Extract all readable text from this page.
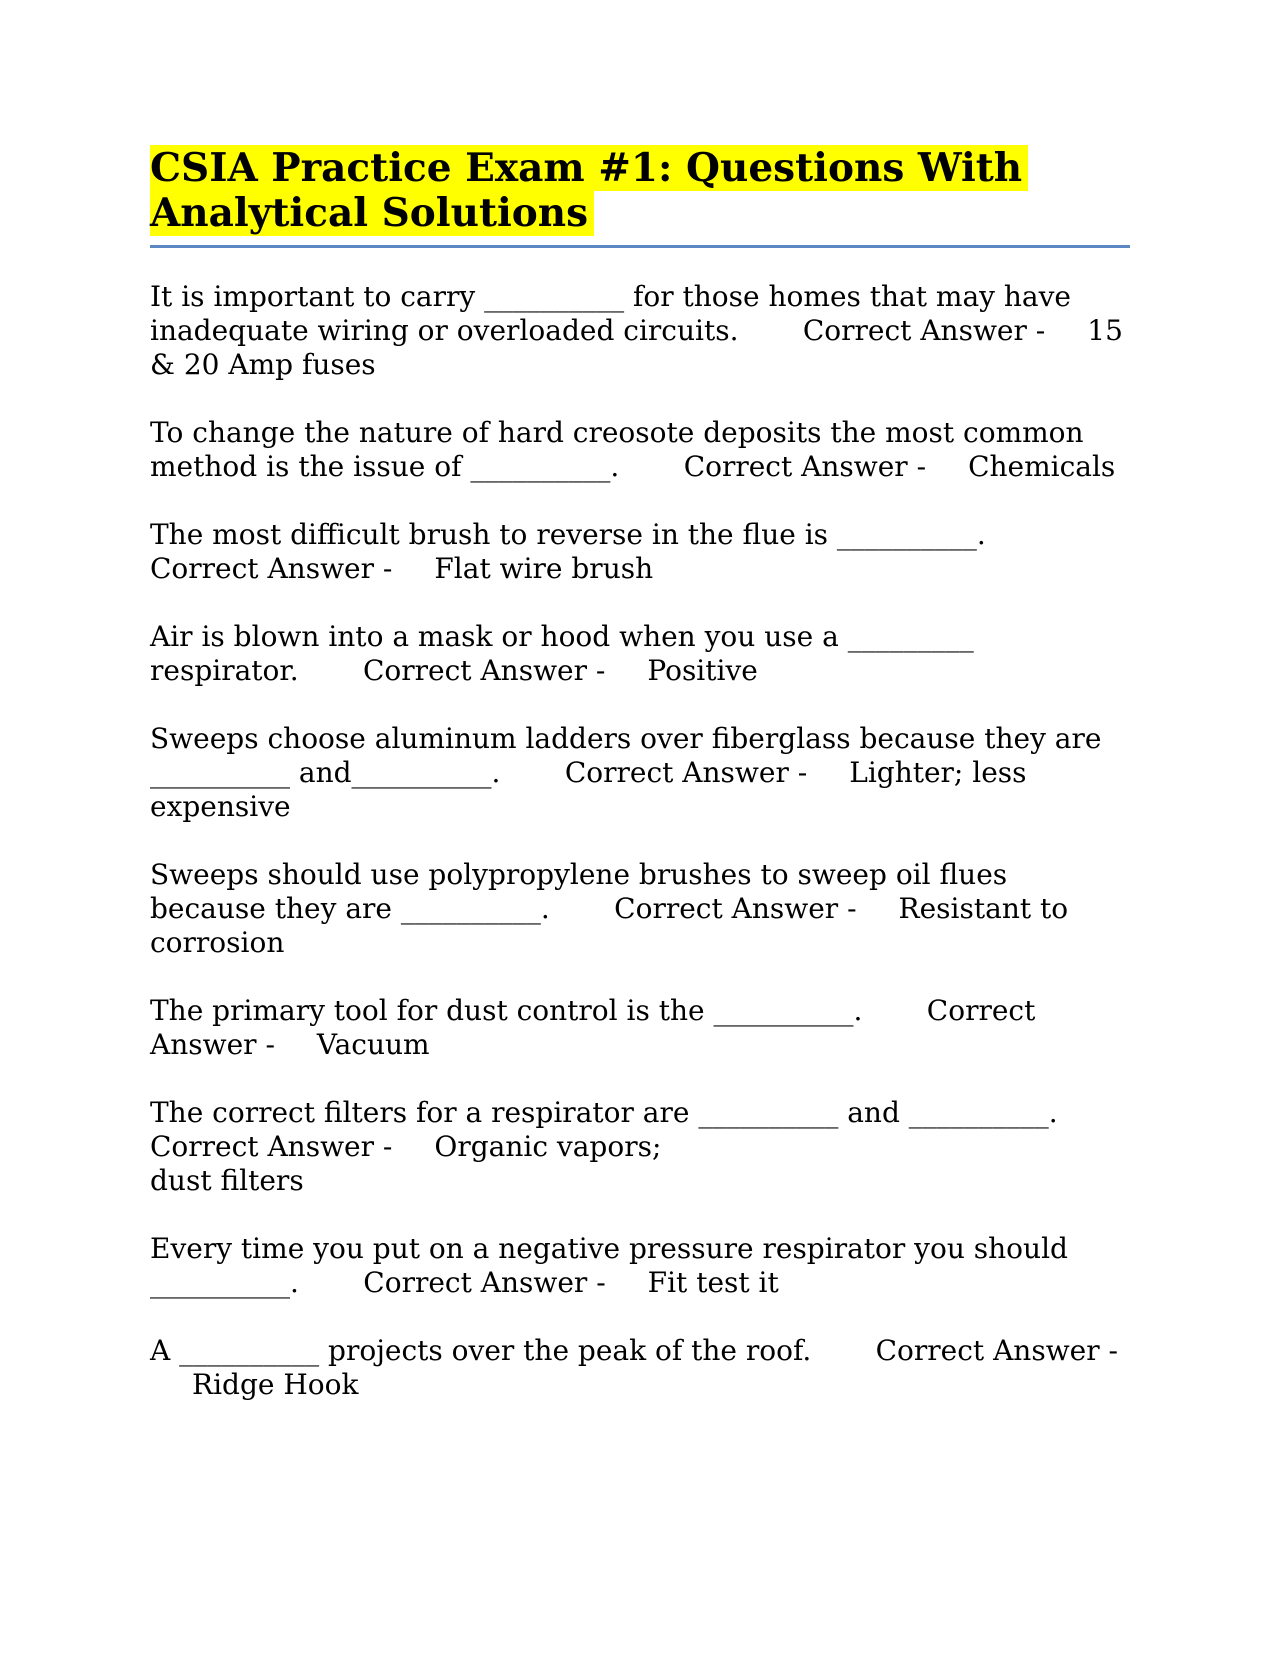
CSIA Practice Exam #1: Questions With Analytical Solutions

It is important to carry __________ for those homes that may have inadequate wiring or overloaded circuits. Correct Answer - 15 & 20 Amp fuses

To change the nature of hard creosote deposits the most common method is the issue of __________. Correct Answer - Chemicals

The most difficult brush to reverse in the flue is __________.Correct Answer - Flat wire brush

Air is blown into a mask or hood when you use a _________ respirator. Correct Answer - Positive

Sweeps choose aluminum ladders over fiberglass because they are __________ and__________. Correct Answer - Lighter; less expensive

Sweeps should use polypropylene brushes to sweep oil flues because they are __________. Correct Answer - Resistant to corrosion

The primary tool for dust control is the __________. Correct Answer - Vacuum

The correct filters for a respirator are __________ and __________.Correct Answer - Organic vapors;
dust filters

Every time you put on a negative pressure respirator you should __________. Correct Answer - Fit test it

A __________ projects over the peak of the roof. Correct Answer -Ridge Hook
